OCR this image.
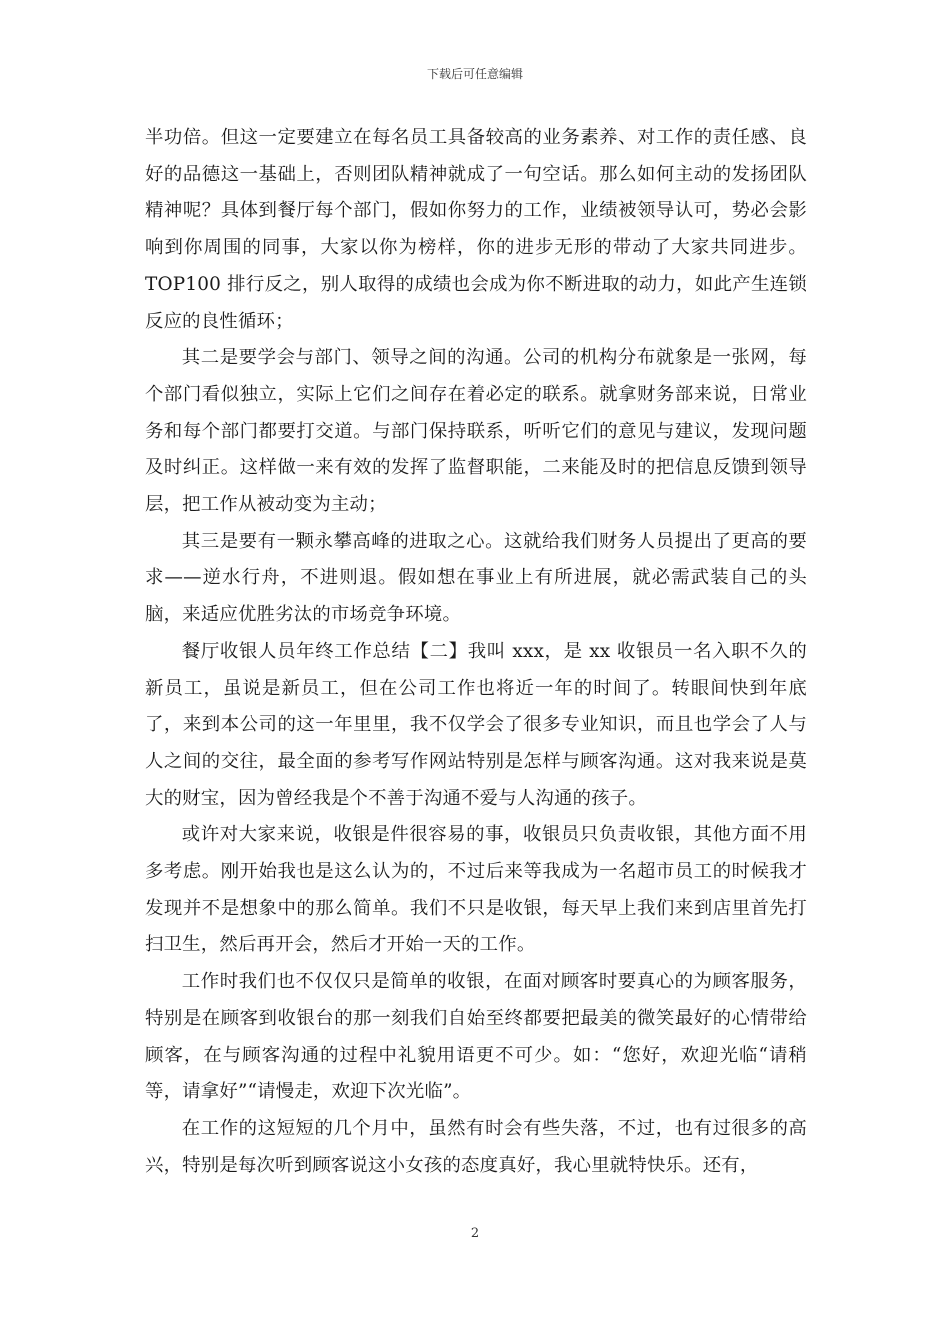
下载后可任意编辑

半功倍。但这一定要建立在每名员工具备较高的业务素养、对工作的责任感、良好的品德这一基础上，否则团队精神就成了一句空话。那么如何主动的发扬团队精神呢？具体到餐厅每个部门，假如你努力的工作，业绩被领导认可，势必会影响到你周围的同事，大家以你为榜样，你的进步无形的带动了大家共同进步。TOP100 排行反之，别人取得的成绩也会成为你不断进取的动力，如此产生连锁反应的良性循环；

其二是要学会与部门、领导之间的沟通。公司的机构分布就象是一张网，每个部门看似独立，实际上它们之间存在着必定的联系。就拿财务部来说，日常业务和每个部门都要打交道。与部门保持联系，听听它们的意见与建议，发现问题及时纠正。这样做一来有效的发挥了监督职能，二来能及时的把信息反馈到领导层，把工作从被动变为主动；

其三是要有一颗永攀高峰的进取之心。这就给我们财务人员提出了更高的要求——逆水行舟，不进则退。假如想在事业上有所进展，就必需武装自己的头脑，来适应优胜劣汰的市场竞争环境。

餐厅收银人员年终工作总结【二】我叫 xxx，是 xx 收银员一名入职不久的新员工，虽说是新员工，但在公司工作也将近一年的时间了。转眼间快到年底了，来到本公司的这一年里里，我不仅学会了很多专业知识，而且也学会了人与人之间的交往，最全面的参考写作网站特别是怎样与顾客沟通。这对我来说是莫大的财宝，因为曾经我是个不善于沟通不爱与人沟通的孩子。

或许对大家来说，收银是件很容易的事，收银员只负责收银，其他方面不用多考虑。刚开始我也是这么认为的，不过后来等我成为一名超市员工的时候我才发现并不是想象中的那么简单。我们不只是收银，每天早上我们来到店里首先打扫卫生，然后再开会，然后才开始一天的工作。

工作时我们也不仅仅只是简单的收银，在面对顾客时要真心的为顾客服务，特别是在顾客到收银台的那一刻我们自始至终都要把最美的微笑最好的心情带给顾客，在与顾客沟通的过程中礼貌用语更不可少。如：“您好，欢迎光临“请稍等，请拿好”“请慢走，欢迎下次光临”。

在工作的这短短的几个月中，虽然有时会有些失落，不过，也有过很多的高兴，特别是每次听到顾客说这小女孩的态度真好，我心里就特快乐。还有，

2
